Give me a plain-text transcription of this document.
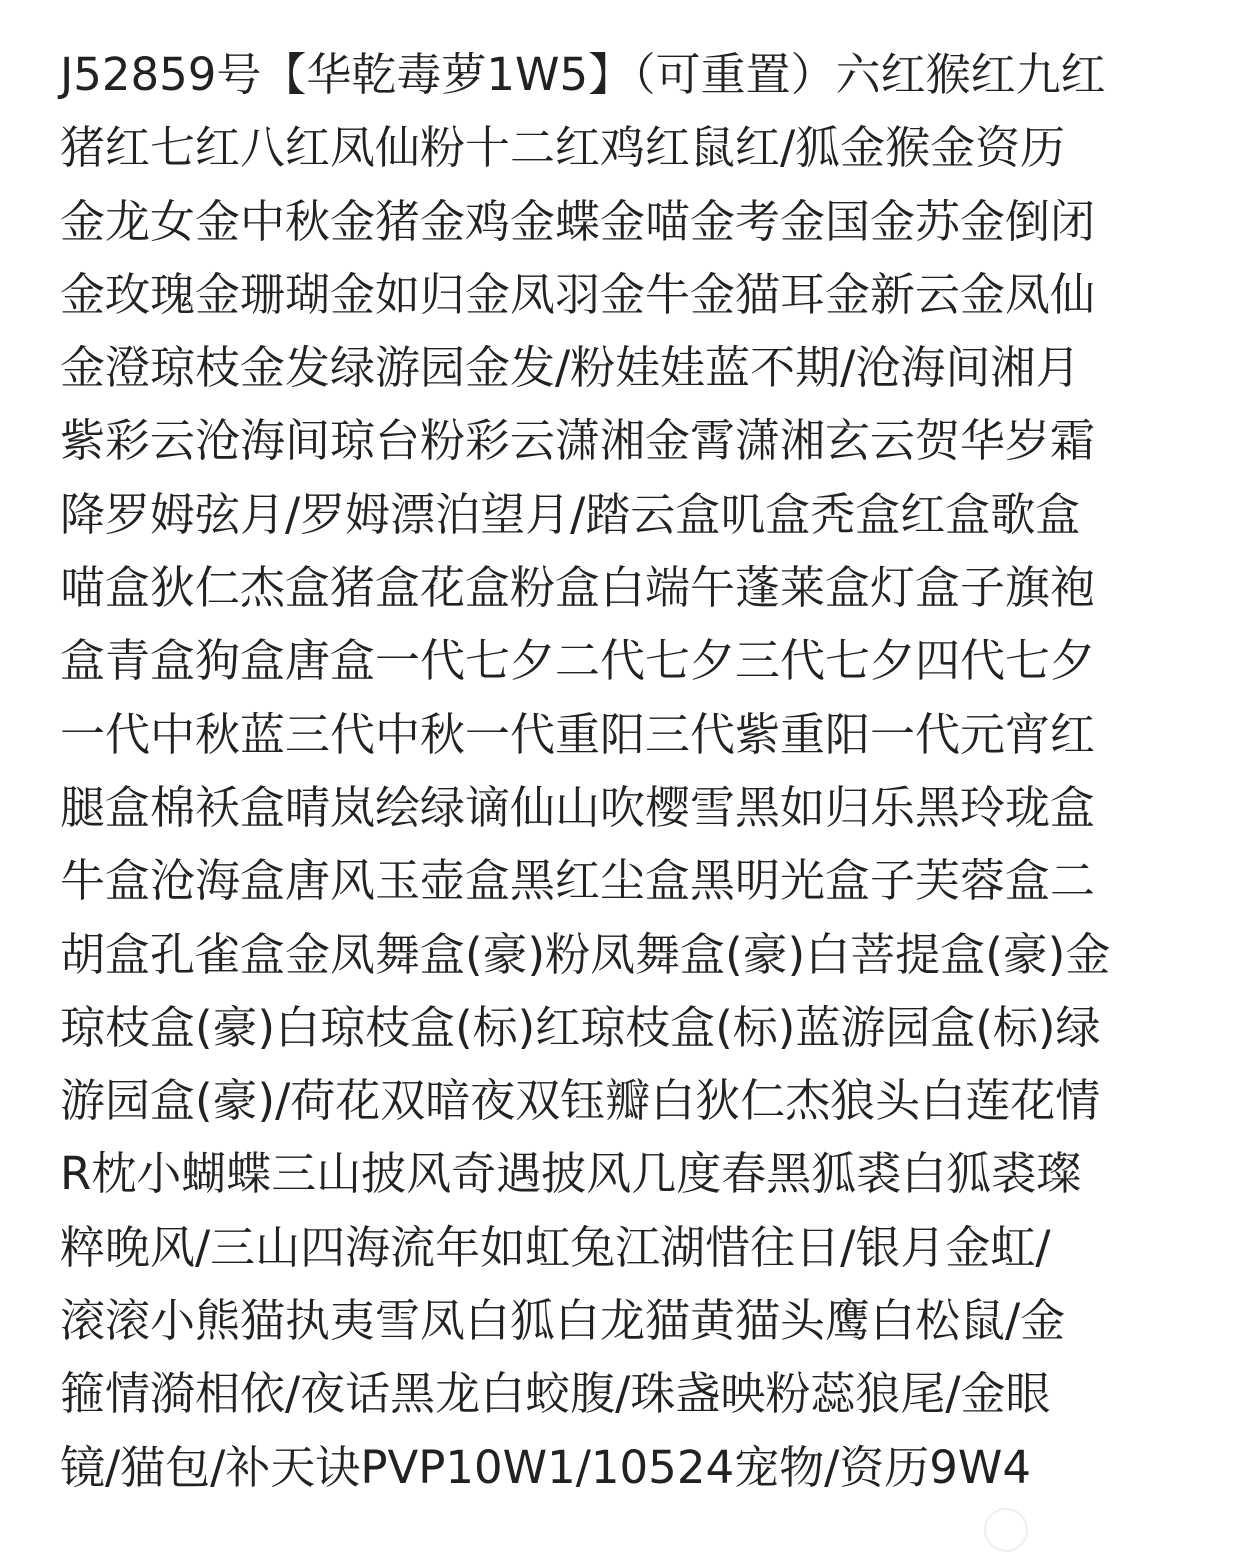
J52859号【华乾毒萝1W5】（可重置）六红猴红九红
猪红七红八红凤仙粉十二红鸡红鼠红/狐金猴金资历
金龙女金中秋金猪金鸡金蝶金喵金考金国金苏金倒闭
金玫瑰金珊瑚金如归金凤羽金牛金猫耳金新云金凤仙
金澄琼枝金发绿游园金发/粉娃娃蓝不期/沧海间湘月
紫彩云沧海间琼台粉彩云潇湘金霄潇湘玄云贺华岁霜
降罗姆弦月/罗姆漂泊望月/踏云盒叽盒秃盒红盒歌盒
喵盒狄仁杰盒猪盒花盒粉盒白端午蓬莱盒灯盒子旗袍
盒青盒狗盒唐盒一代七夕二代七夕三代七夕四代七夕
一代中秋蓝三代中秋一代重阳三代紫重阳一代元宵红
腿盒棉袄盒晴岚绘绿谪仙山吹樱雪黑如归乐黑玲珑盒
牛盒沧海盒唐风玉壶盒黑红尘盒黑明光盒子芙蓉盒二
胡盒孔雀盒金凤舞盒(豪)粉凤舞盒(豪)白菩提盒(豪)金
琼枝盒(豪)白琼枝盒(标)红琼枝盒(标)蓝游园盒(标)绿
游园盒(豪)/荷花双暗夜双钰瓣白狄仁杰狼头白莲花情
R枕小蝴蝶三山披风奇遇披风几度春黑狐裘白狐裘璨
粹晚风/三山四海流年如虹兔江湖惜往日/银月金虹/
滚滚小熊猫执夷雪凤白狐白龙猫黄猫头鹰白松鼠/金
箍情漪相依/夜话黑龙白蛟腹/珠盏映粉蕊狼尾/金眼
镜/猫包/补天诀PVP10W1/10524宠物/资历9W4
